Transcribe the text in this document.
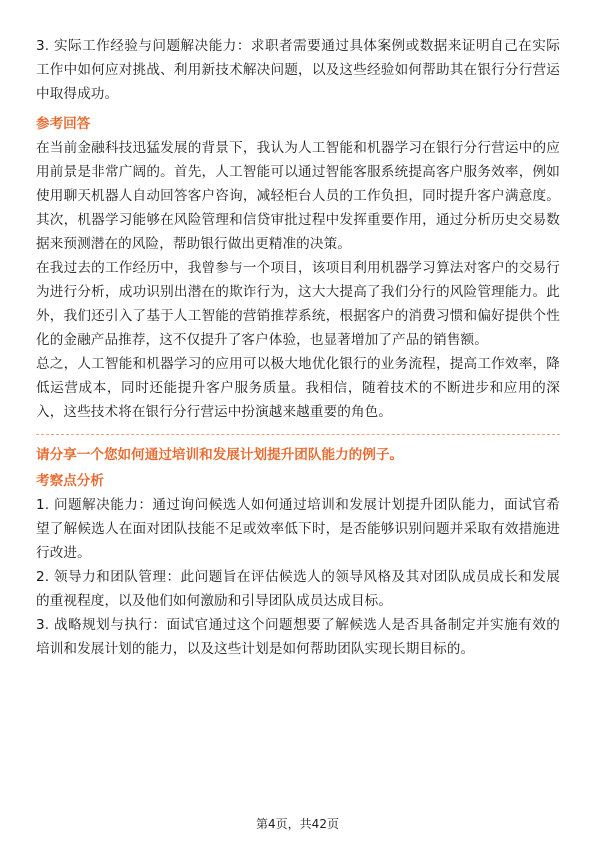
3. 实际工作经验与问题解决能力：求职者需要通过具体案例或数据来证明自己在实际工作中如何应对挑战、利用新技术解决问题，以及这些经验如何帮助其在银行分行营运中取得成功。

参考回答

在当前金融科技迅猛发展的背景下，我认为人工智能和机器学习在银行分行营运中的应用前景是非常广阔的。首先，人工智能可以通过智能客服系统提高客户服务效率，例如使用聊天机器人自动回答客户咨询，减轻柜台人员的工作负担，同时提升客户满意度。其次，机器学习能够在风险管理和信贷审批过程中发挥重要作用，通过分析历史交易数据来预测潜在的风险，帮助银行做出更精准的决策。

在我过去的工作经历中，我曾参与一个项目，该项目利用机器学习算法对客户的交易行为进行分析，成功识别出潜在的欺诈行为，这大大提高了我们分行的风险管理能力。此外，我们还引入了基于人工智能的营销推荐系统，根据客户的消费习惯和偏好提供个性化的金融产品推荐，这不仅提升了客户体验，也显著增加了产品的销售额。

总之，人工智能和机器学习的应用可以极大地优化银行的业务流程，提高工作效率，降低运营成本，同时还能提升客户服务质量。我相信，随着技术的不断进步和应用的深入，这些技术将在银行分行营运中扮演越来越重要的角色。

请分享一个您如何通过培训和发展计划提升团队能力的例子。
考察点分析

1. 问题解决能力：通过询问候选人如何通过培训和发展计划提升团队能力，面试官希望了解候选人在面对团队技能不足或效率低下时，是否能够识别问题并采取有效措施进行改进。

2. 领导力和团队管理：此问题旨在评估候选人的领导风格及其对团队成员成长和发展的重视程度，以及他们如何激励和引导团队成员达成目标。

3. 战略规划与执行：面试官通过这个问题想要了解候选人是否具备制定并实施有效的培训和发展计划的能力，以及这些计划是如何帮助团队实现长期目标的。

第4页，共42页
